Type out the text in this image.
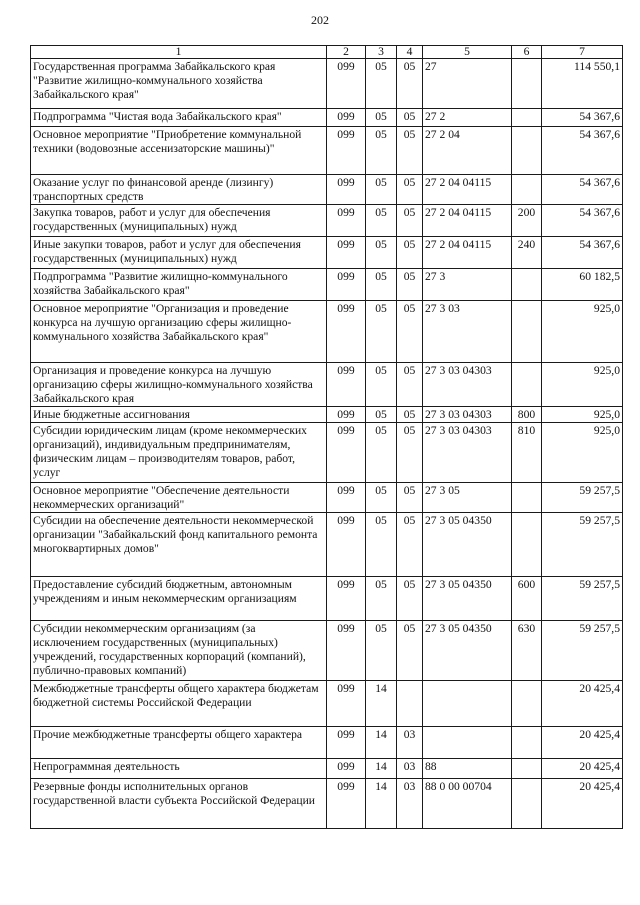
202
1	2	3	4	5	6	7
Государственная программа Забайкальского края "Развитие жилищно-коммунального хозяйства Забайкальского края"	099	05	05	27		114 550,1
Подпрограмма "Чистая вода Забайкальского края"	099	05	05	27 2		54 367,6
Основное мероприятие "Приобретение коммунальной техники (водовозные ассенизаторские машины)"	099	05	05	27 2 04		54 367,6
Оказание услуг по финансовой аренде (лизингу) транспортных средств	099	05	05	27 2 04 04115		54 367,6
Закупка товаров, работ и услуг для обеспечения государственных (муниципальных) нужд	099	05	05	27 2 04 04115	200	54 367,6
Иные закупки товаров, работ и услуг для обеспечения государственных (муниципальных) нужд	099	05	05	27 2 04 04115	240	54 367,6
Подпрограмма "Развитие жилищно-коммунального хозяйства Забайкальского края"	099	05	05	27 3		60 182,5
Основное мероприятие "Организация и проведение конкурса на лучшую организацию сферы жилищно-коммунального хозяйства Забайкальского края"	099	05	05	27 3 03		925,0
Организация и проведение конкурса на лучшую организацию сферы жилищно-коммунального хозяйства Забайкальского края	099	05	05	27 3 03 04303		925,0
Иные бюджетные ассигнования	099	05	05	27 3 03 04303	800	925,0
Субсидии юридическим лицам (кроме некоммерческих организаций), индивидуальным предпринимателям, физическим лицам – производителям товаров, работ, услуг	099	05	05	27 3 03 04303	810	925,0
Основное мероприятие "Обеспечение деятельности некоммерческих организаций"	099	05	05	27 3 05		59 257,5
Субсидии на обеспечение деятельности некоммерческой организации "Забайкальский фонд капитального ремонта многоквартирных домов"	099	05	05	27 3 05 04350		59 257,5
Предоставление субсидий бюджетным, автономным учреждениям и иным некоммерческим организациям	099	05	05	27 3 05 04350	600	59 257,5
Субсидии некоммерческим организациям (за исключением государственных (муниципальных) учреждений, государственных корпораций (компаний), публично-правовых компаний)	099	05	05	27 3 05 04350	630	59 257,5
Межбюджетные трансферты общего характера бюджетам бюджетной системы Российской Федерации	099	14				20 425,4
Прочие межбюджетные трансферты общего характера	099	14	03			20 425,4
Непрограммная деятельность	099	14	03	88		20 425,4
Резервные фонды исполнительных органов государственной власти субъекта Российской Федерации	099	14	03	88 0 00 00704		20 425,4
